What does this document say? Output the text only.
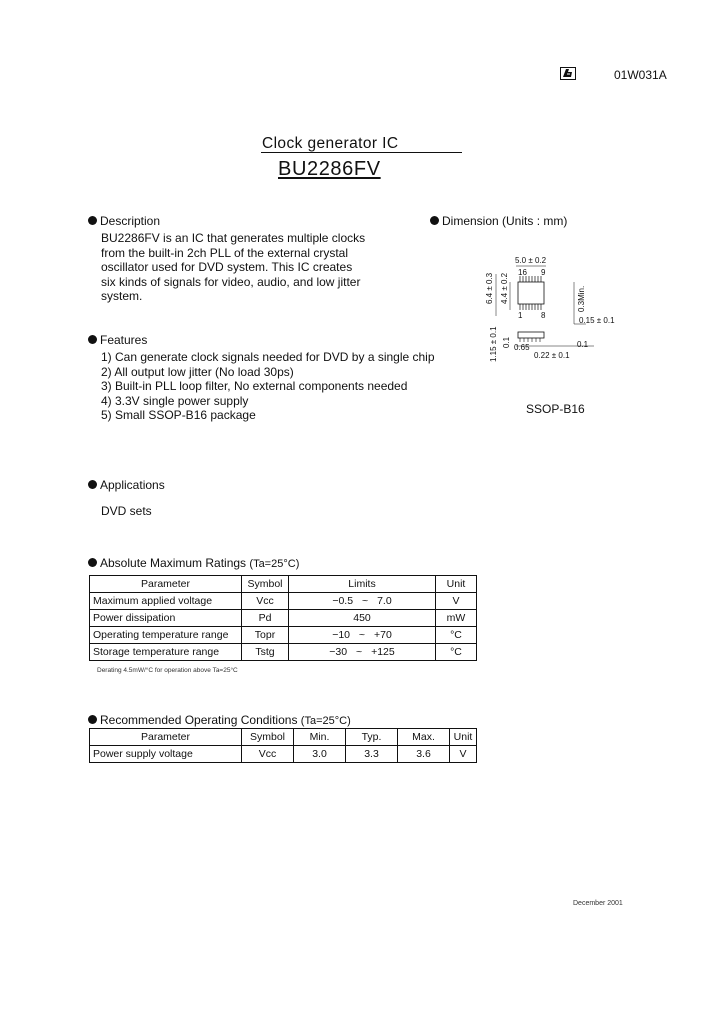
01W031A
Clock generator IC
BU2286FV
Description
BU2286FV is an IC that generates multiple clocks
from the built-in 2ch PLL of the external crystal
oscillator used for DVD system. This IC creates
six kinds of signals for video, audio, and low jitter
system.
Dimension (Units : mm)
5.0 ± 0.2
16 9
1 8
6.4 ± 0.3 4.4 ± 0.2	0.3Min.
0.15 ± 0.1
1.15 ± 0.1 0.1 0.65	0.1
0.22 ± 0.1
SSOP-B16
Features
1) Can generate clock signals needed for DVD by a single chip
2) All output low jitter (No load 30ps)
3) Built-in PLL loop filter, No external components needed
4) 3.3V single power supply
5) Small SSOP-B16 package
Applications
DVD sets
Absolute Maximum Ratings (Ta=25°C)
Parameter	Symbol	Limits	Unit
Maximum applied voltage	Vcc	−0.5 ~ 7.0	V
Power dissipation	Pd	450	mW
Operating temperature range	Topr	−10 ~ +70	°C
Storage temperature range	Tstg	−30 ~ +125	°C
Derating 4.5mW/°C for operation above Ta=25°C
Recommended Operating Conditions (Ta=25°C)
Parameter	Symbol	Min.	Typ.	Max.	Unit
Power supply voltage	Vcc	3.0	3.3	3.6	V
December 2001
